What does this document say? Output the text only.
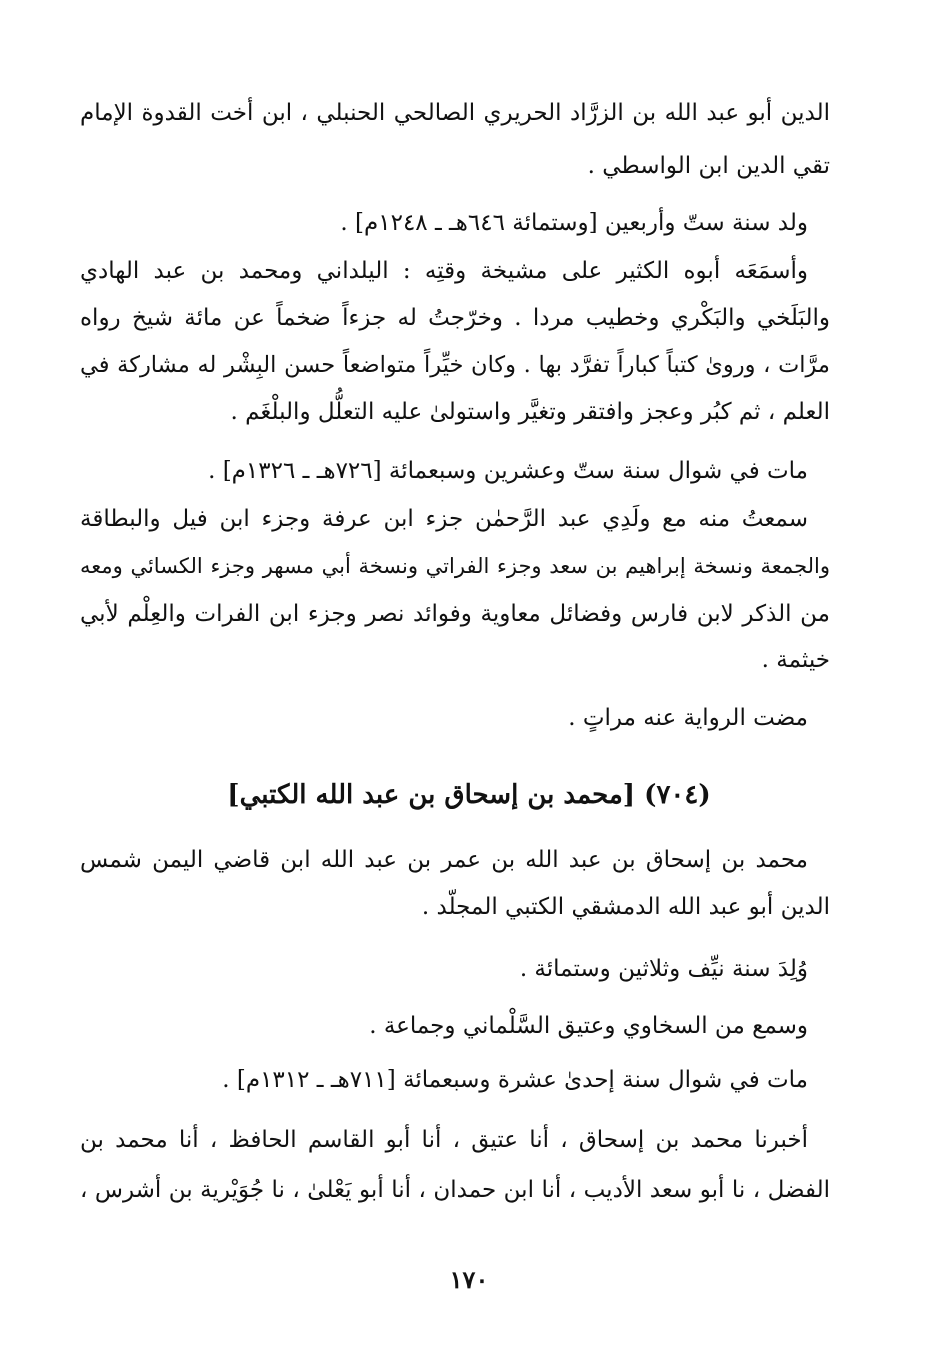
الدين أبو عبد الله بن الزرَّاد الحريري الصالحي الحنبلي ، ابن أخت القدوة الإمام
تقي الدين ابن الواسطي .
ولد سنة ستّ وأربعين [وستمائة ٦٤٦هـ ـ ١٢٤٨م] .
وأسمَعَه أبوه الكثير على مشيخة وقتِه : اليلداني ومحمد بن عبد الهادي
والبَلَخي والبَكْري وخطيب مردا . وخرّجتُ له جزءاً ضخماً عن مائة شيخ رواه
مرَّات ، وروىٰ كتباً كباراً تفرَّد بها . وكان خيِّراً متواضعاً حسن البِشْر له مشاركة في
العلم ، ثم كبُر وعجز وافتقر وتغيَّر واستولىٰ عليه التعلُّل والبلْغَم .
مات في شوال سنة ستّ وعشرين وسبعمائة [٧٢٦هـ ـ ١٣٢٦م] .
سمعتُ منه مع ولَدِي عبد الرَّحمٰن جزء ابن عرفة وجزء ابن فيل والبطاقة
والجمعة ونسخة إبراهيم بن سعد وجزء الفراتي ونسخة أبي مسهر وجزء الكسائي ومعه
من الذكر لابن فارس وفضائل معاوية وفوائد نصر وجزء ابن الفرات والعِلْم لأبي
خيثمة .
مضت الرواية عنه مراتٍ .
(٧٠٤) [محمد بن إسحاق بن عبد الله الكتبي]
محمد بن إسحاق بن عبد الله بن عمر بن عبد الله ابن قاضي اليمن شمس
الدين أبو عبد الله الدمشقي الكتبي المجلّد .
وُلِدَ سنة نيِّف وثلاثين وستمائة .
وسمع من السخاوي وعتيق السَّلْماني وجماعة .
مات في شوال سنة إحدىٰ عشرة وسبعمائة [٧١١هـ ـ ١٣١٢م] .
أخبرنا محمد بن إسحاق ، أنا عتيق ، أنا أبو القاسم الحافظ ، أنا محمد بن
الفضل ، نا أبو سعد الأديب ، أنا ابن حمدان ، أنا أبو يَعْلىٰ ، نا جُوَيْرية بن أشرس ،
١٧٠
